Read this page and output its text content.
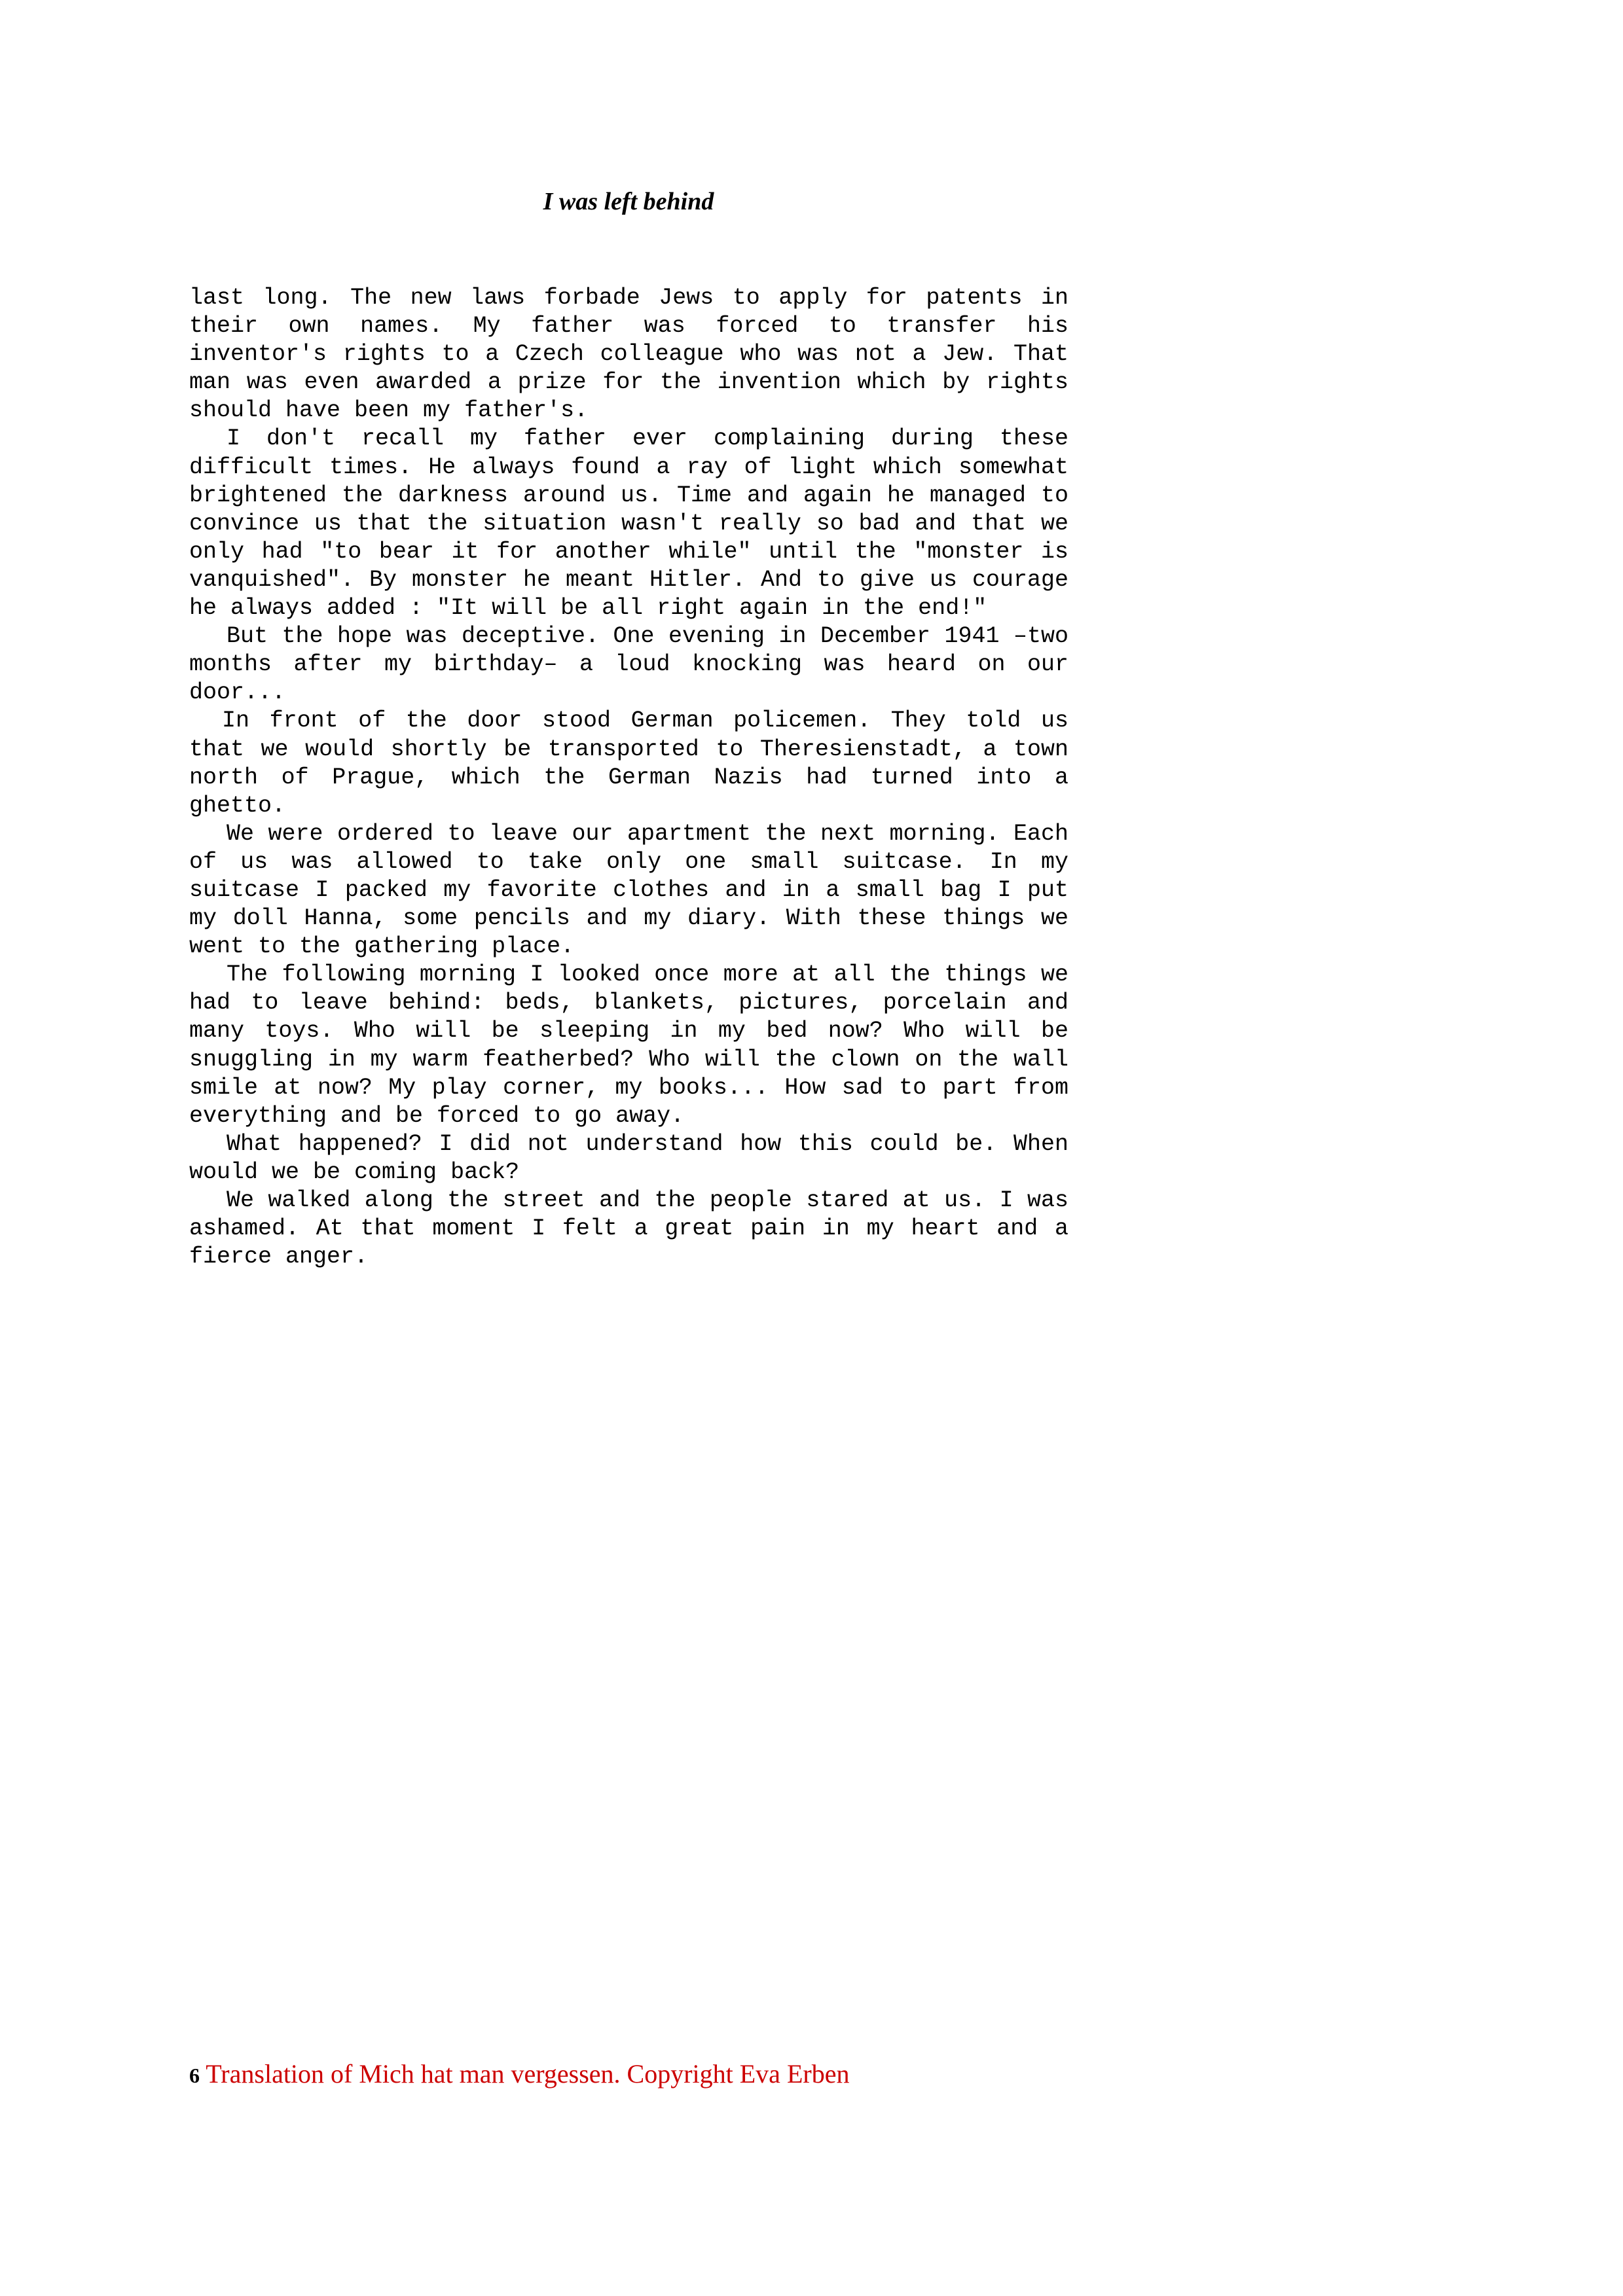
I was left behind

last long. The new laws forbade Jews to apply for patents in their own names. My father was forced to transfer his inventor's rights to a Czech colleague who was not a Jew. That man was even awarded a prize for the invention which by rights should have been my father's.

I don't recall my father ever complaining during these difficult times. He always found a ray of light which somewhat brightened the darkness around us. Time and again he managed to convince us that the situation wasn't really so bad and that we only had "to bear it for another while" until the "monster is vanquished". By monster he meant Hitler. And to give us courage he always added : "It will be all right again in the end!"

But the hope was deceptive. One evening in December 1941 –two months after my birthday– a loud knocking was heard on our door...

In front of the door stood German policemen. They told us that we would shortly be transported to Theresienstadt, a town north of Prague, which the German Nazis had turned into a ghetto.

We were ordered to leave our apartment the next morning. Each of us was allowed to take only one small suitcase. In my suitcase I packed my favorite clothes and in a small bag I put my doll Hanna, some pencils and my diary. With these things we went to the gathering place.

The following morning I looked once more at all the things we had to leave behind: beds, blankets, pictures, porcelain and many toys. Who will be sleeping in my bed now? Who will be snuggling in my warm featherbed? Who will the clown on the wall smile at now? My play corner, my books... How sad to part from everything and be forced to go away.

What happened? I did not understand how this could be. When would we be coming back?

We walked along the street and the people stared at us. I was ashamed. At that moment I felt a great pain in my heart and a fierce anger.

6 Translation of Mich hat man vergessen. Copyright Eva Erben
